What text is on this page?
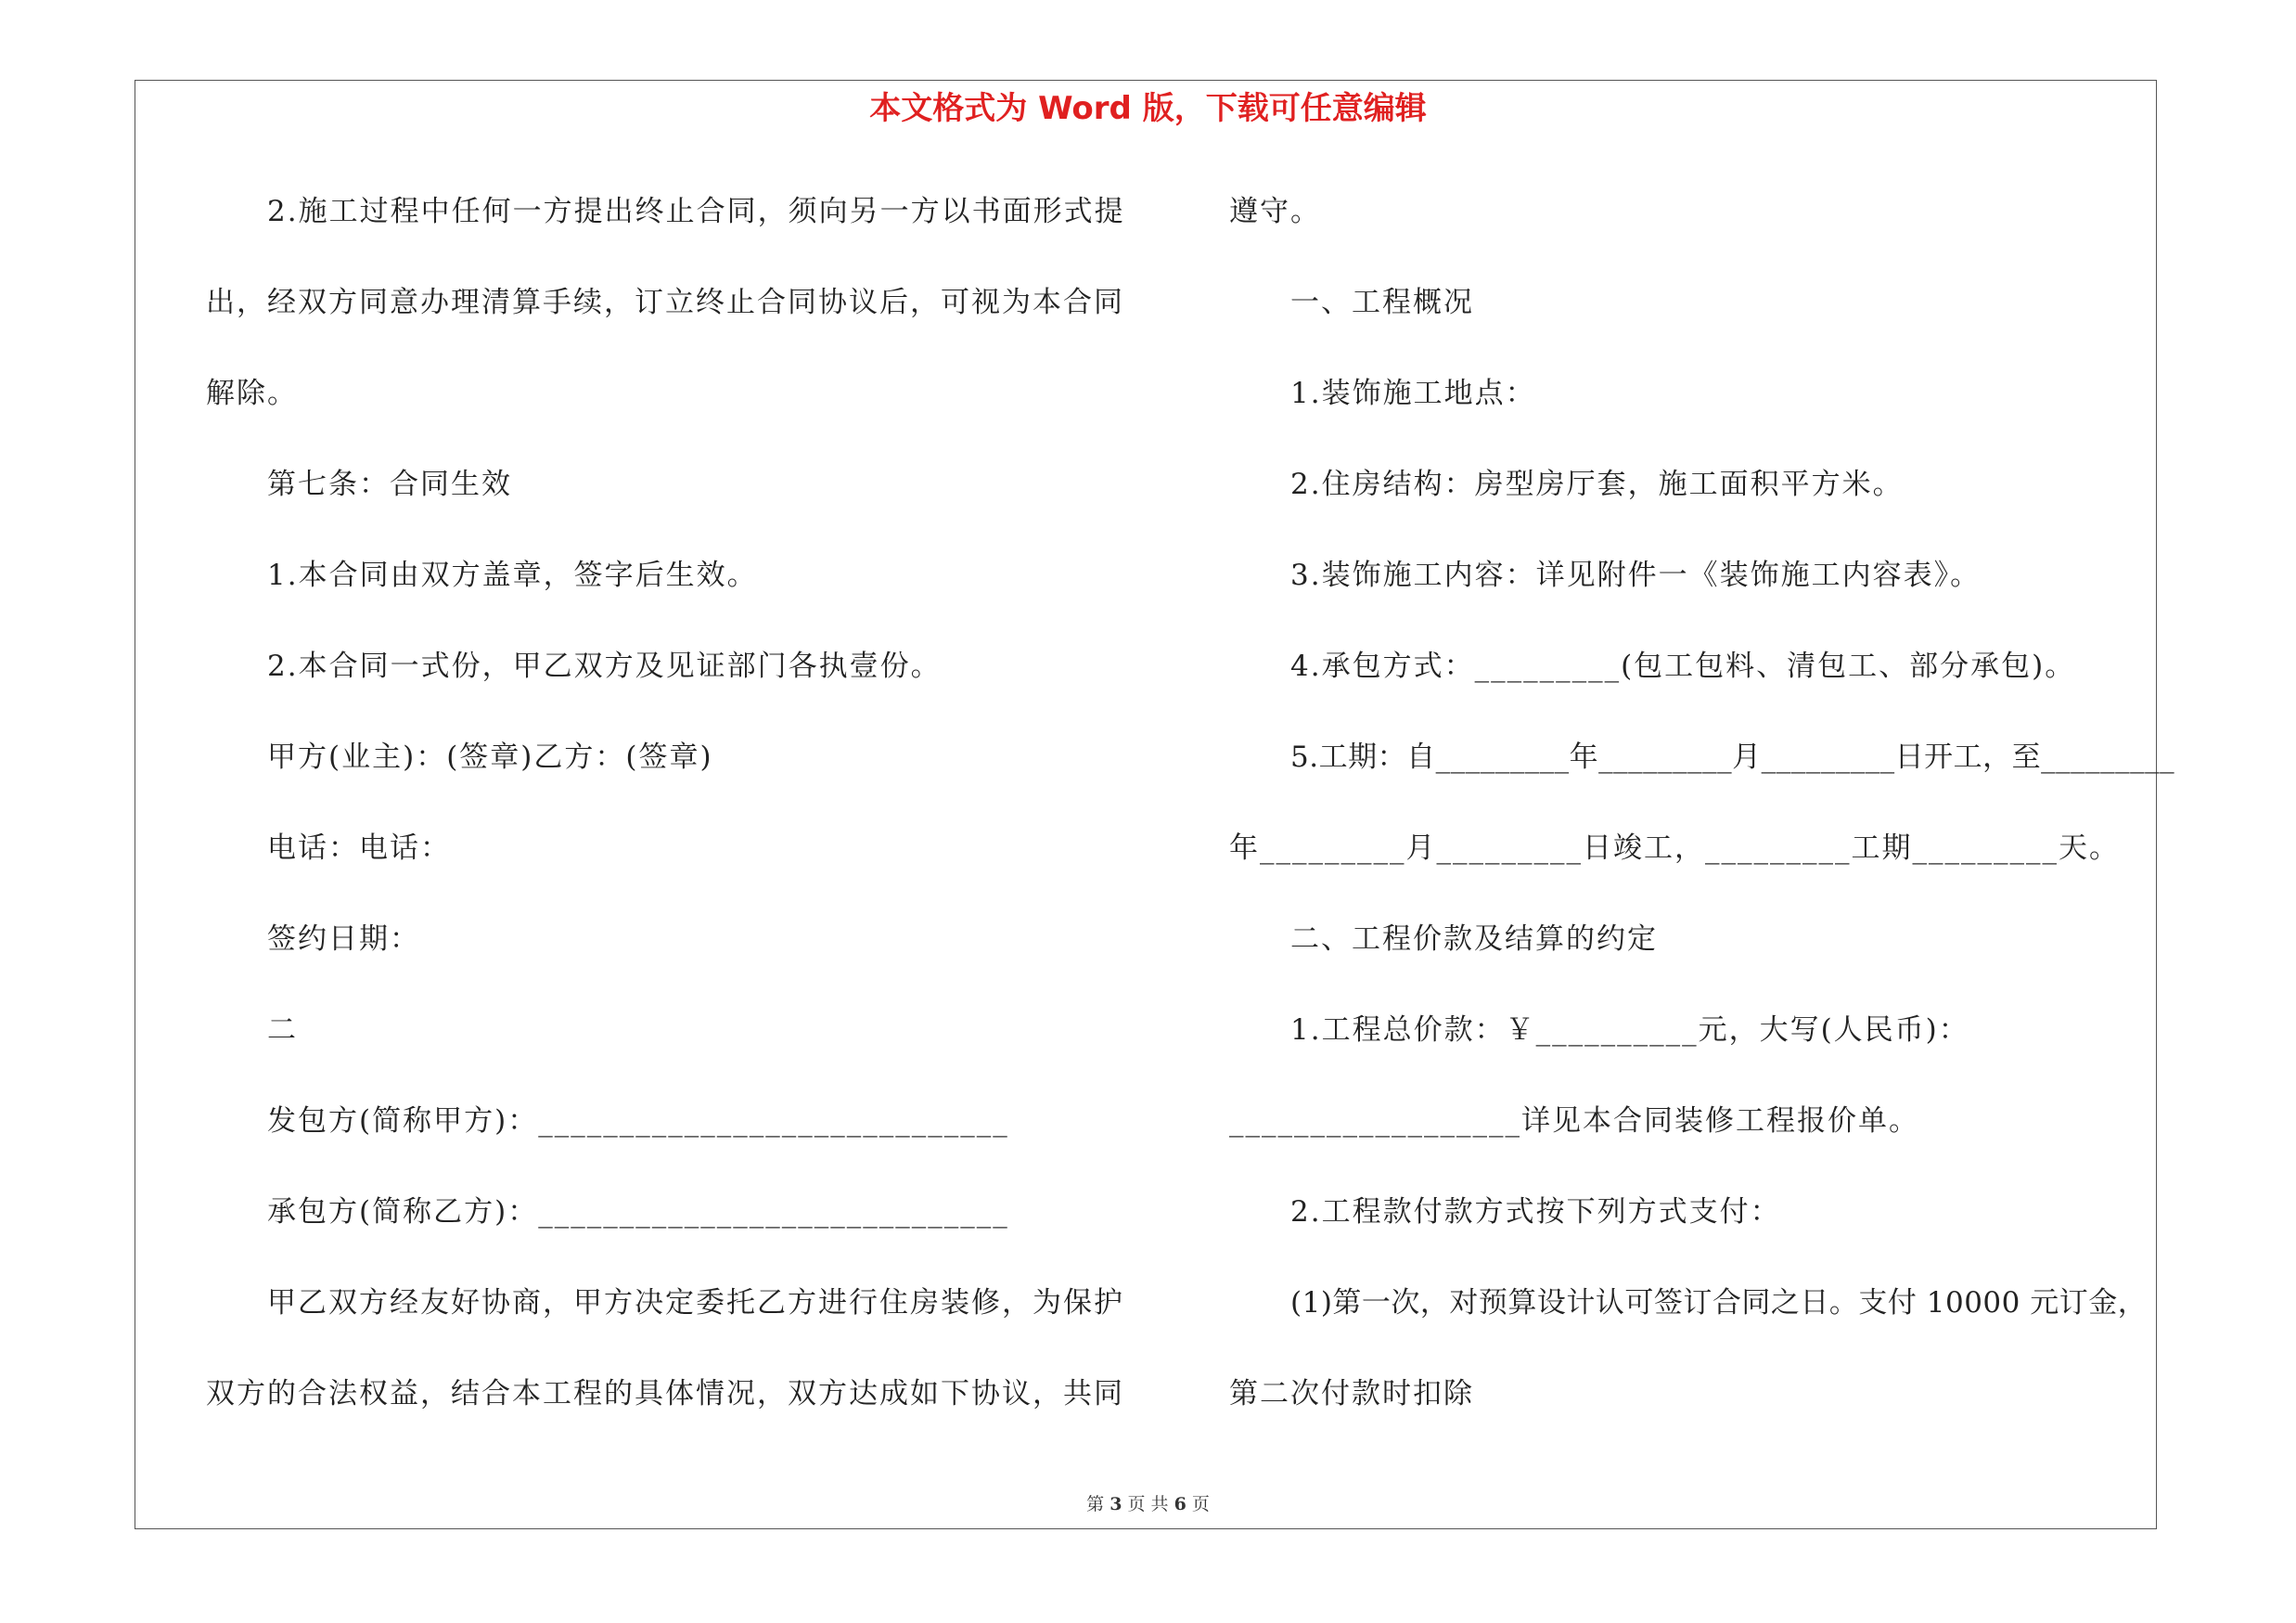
本文格式为 Word 版，下载可任意编辑
2.施工过程中任何一方提出终止合同，须向另一方以书面形式提
出，经双方同意办理清算手续，订立终止合同协议后，可视为本合同
解除。
第七条：合同生效
1.本合同由双方盖章，签字后生效。
2.本合同一式份，甲乙双方及见证部门各执壹份。
甲方(业主)：(签章)乙方：(签章)
电话：电话：
签约日期：
二
发包方(简称甲方)：_____________________________
承包方(简称乙方)：_____________________________
甲乙双方经友好协商，甲方决定委托乙方进行住房装修，为保护
双方的合法权益，结合本工程的具体情况，双方达成如下协议，共同
遵守。
一、工程概况
1.装饰施工地点：
2.住房结构：房型房厅套，施工面积平方米。
3.装饰施工内容：详见附件一《装饰施工内容表》。
4.承包方式：_________(包工包料、清包工、部分承包)。
5.工期：自_________年_________月_________日开工，至_________
年_________月_________日竣工，_________工期_________天。
二、工程价款及结算的约定
1.工程总价款：￥__________元，大写(人民币)：
__________________详见本合同装修工程报价单。
2.工程款付款方式按下列方式支付：
(1)第一次，对预算设计认可签订合同之日。支付 10000 元订金，
第二次付款时扣除
第 3 页 共 6 页
